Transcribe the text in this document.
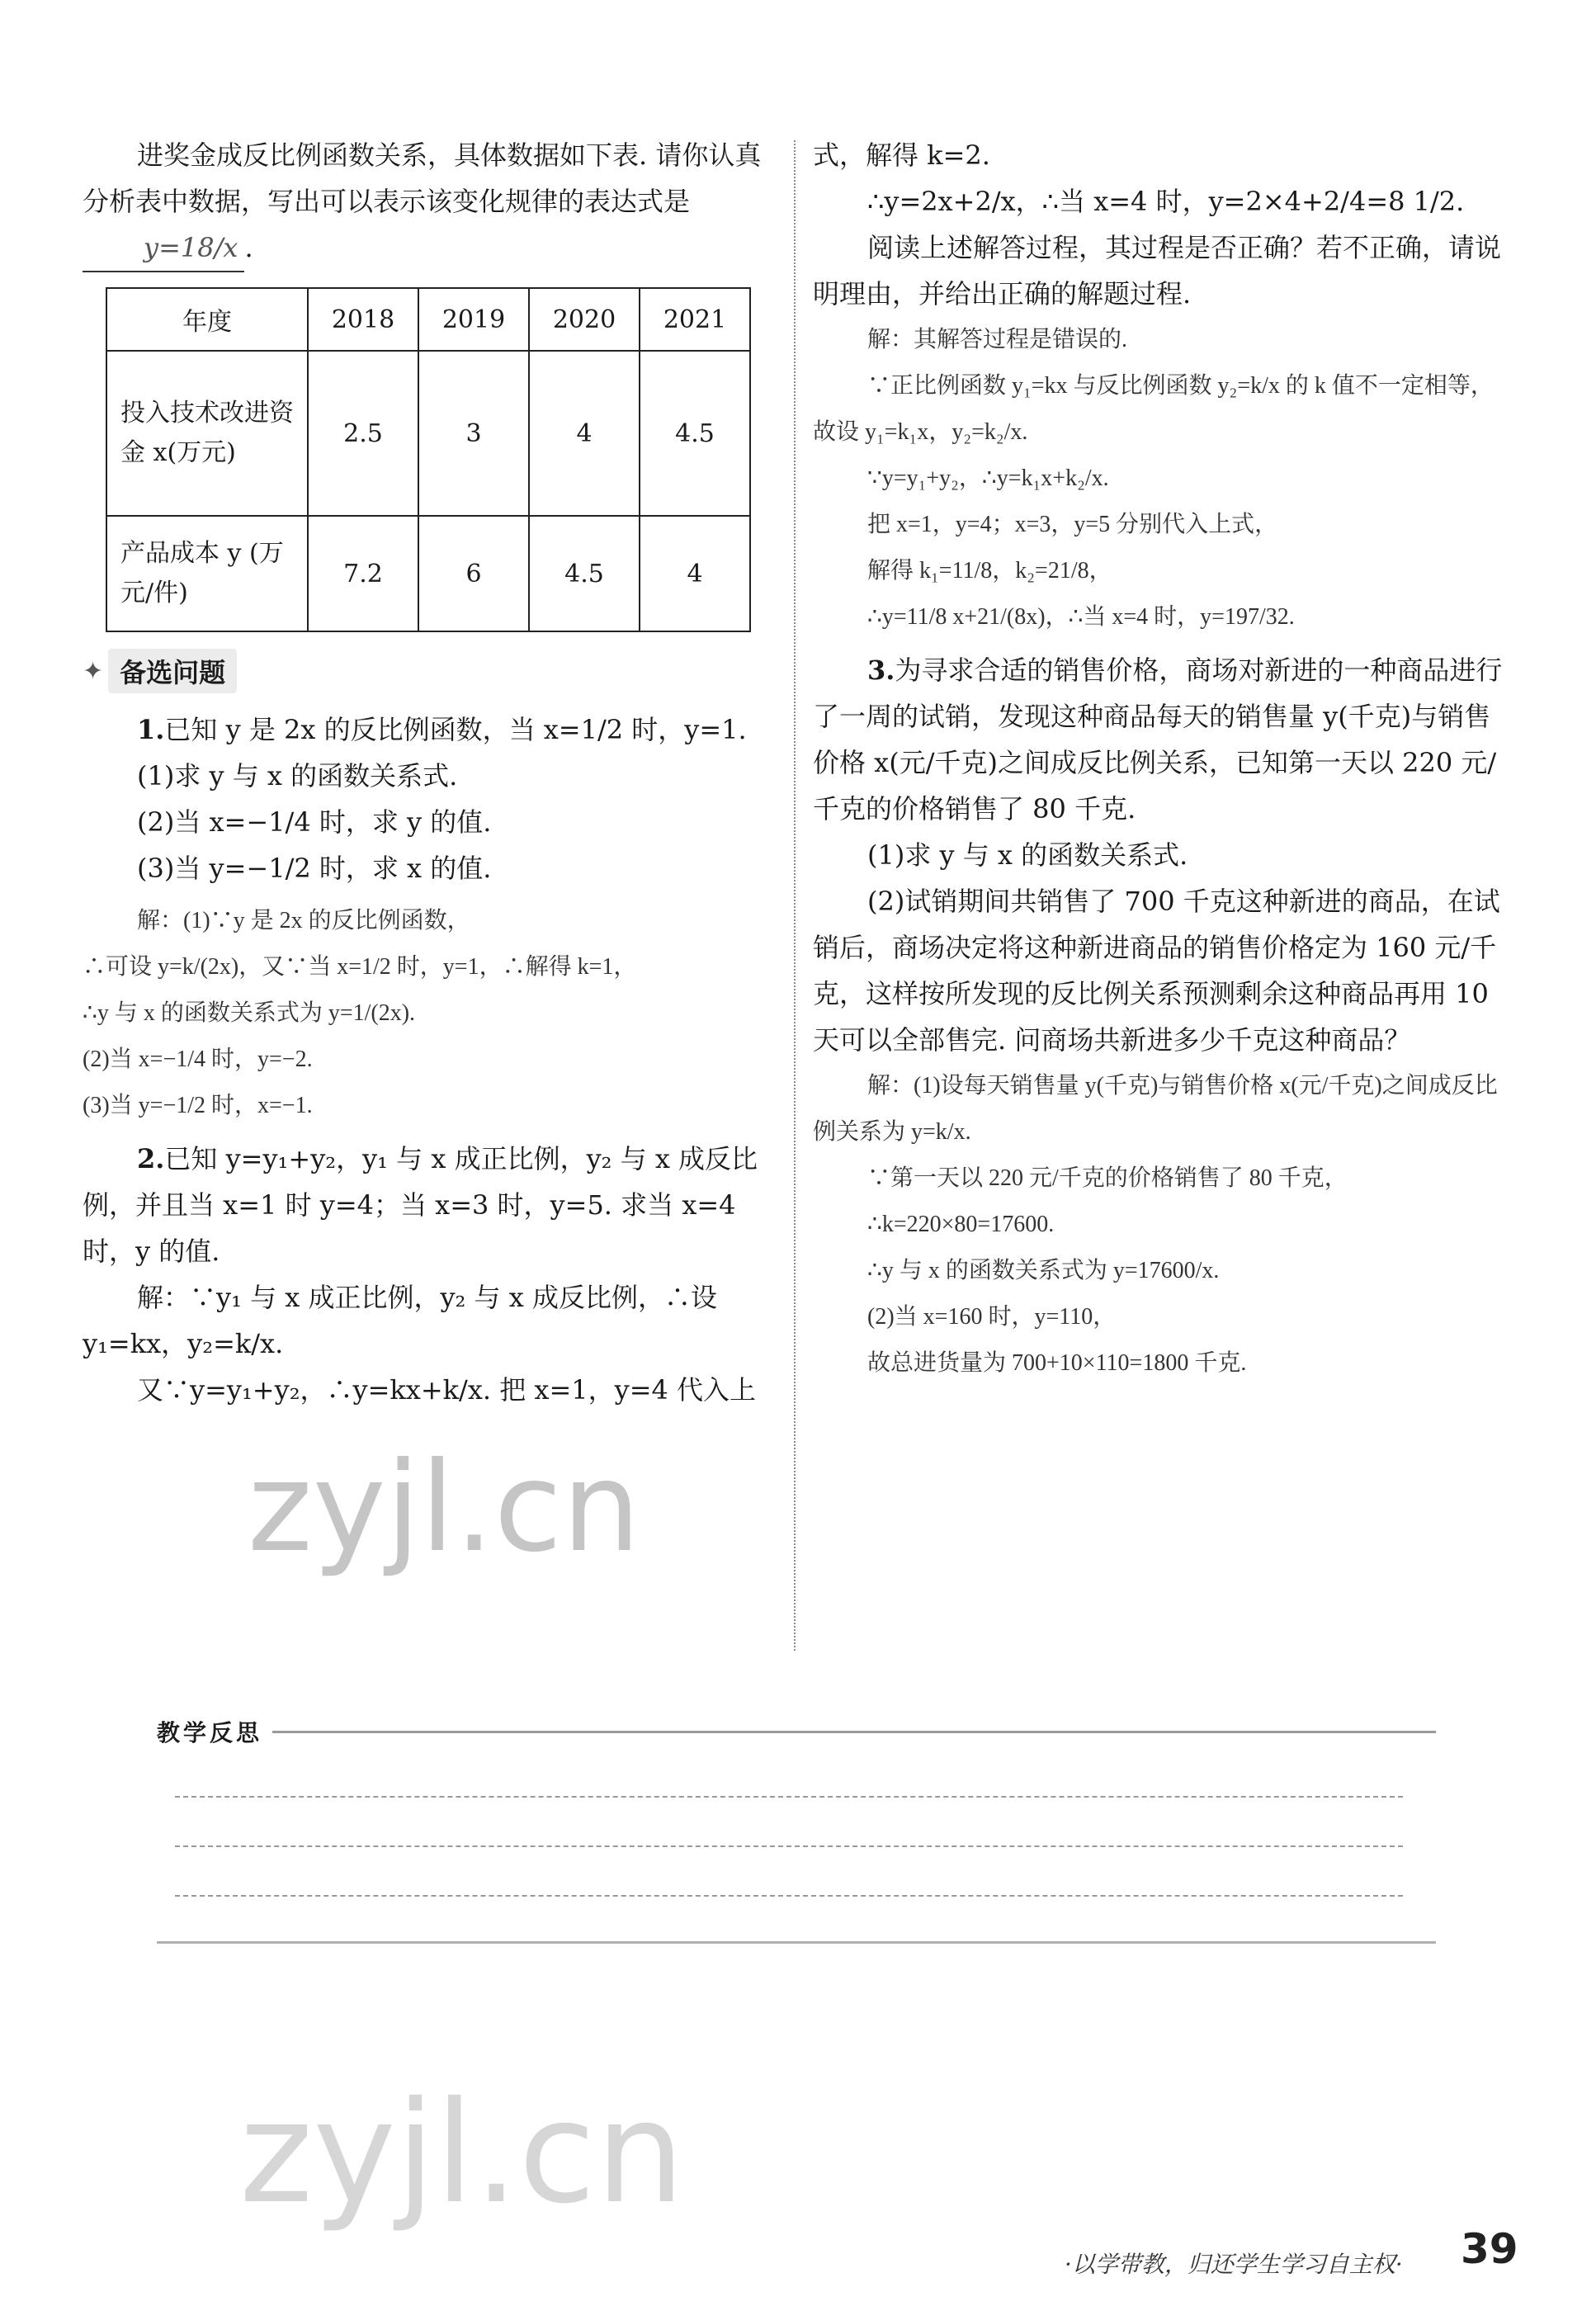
进奖金成反比例函数关系，具体数据如下表. 请你认真分析表中数据，写出可以表示该变化规律的表达式是 y=18/x .

年度	2018	2019	2020	2021
投入技术改进资金 x(万元)	2.5	3	4	4.5
产品成本 y (万元/件)	7.2	6	4.5	4
✦ 备选问题

1.已知 y 是 2x 的反比例函数，当 x=1/2 时，y=1.

(1)求 y 与 x 的函数关系式.

(2)当 x=−1/4 时，求 y 的值.

(3)当 y=−1/2 时，求 x 的值.

解：(1)∵y 是 2x 的反比例函数，

∴可设 y=k/(2x)，又∵当 x=1/2 时，y=1，∴解得 k=1，

∴y 与 x 的函数关系式为 y=1/(2x).

(2)当 x=−1/4 时，y=−2.

(3)当 y=−1/2 时，x=−1.

2.已知 y=y₁+y₂，y₁ 与 x 成正比例，y₂ 与 x 成反比例，并且当 x=1 时 y=4；当 x=3 时，y=5. 求当 x=4 时，y 的值.

解：∵y₁ 与 x 成正比例，y₂ 与 x 成反比例，∴设 y₁=kx，y₂=k/x.

又∵y=y₁+y₂，∴y=kx+k/x. 把 x=1，y=4 代入上

式，解得 k=2.

∴y=2x+2/x，∴当 x=4 时，y=2×4+2/4=8 1/2.

阅读上述解答过程，其过程是否正确？若不正确，请说明理由，并给出正确的解题过程.

解：其解答过程是错误的.

∵正比例函数 y₁=kx 与反比例函数 y₂=k/x 的 k 值不一定相等，故设 y₁=k₁x，y₂=k₂/x.

∵y=y₁+y₂，∴y=k₁x+k₂/x.

把 x=1，y=4；x=3，y=5 分别代入上式，

解得 k₁=11/8，k₂=21/8，

∴y=11/8 x+21/(8x)，∴当 x=4 时，y=197/32.

3.为寻求合适的销售价格，商场对新进的一种商品进行了一周的试销，发现这种商品每天的销售量 y(千克)与销售价格 x(元/千克)之间成反比例关系，已知第一天以 220 元/千克的价格销售了 80 千克.

(1)求 y 与 x 的函数关系式.

(2)试销期间共销售了 700 千克这种新进的商品，在试销后，商场决定将这种新进商品的销售价格定为 160 元/千克，这样按所发现的反比例关系预测剩余这种商品再用 10 天可以全部售完. 问商场共新进多少千克这种商品？

解：(1)设每天销售量 y(千克)与销售价格 x(元/千克)之间成反比例关系为 y=k/x.

∵第一天以 220 元/千克的价格销售了 80 千克，

∴k=220×80=17600.

∴y 与 x 的函数关系式为 y=17600/x.

(2)当 x=160 时，y=110，

故总进货量为 700+10×110=1800 千克.

教学反思
zyjl.cn
zyjl.cn
·以学带教，归还学生学习自主权· 39
